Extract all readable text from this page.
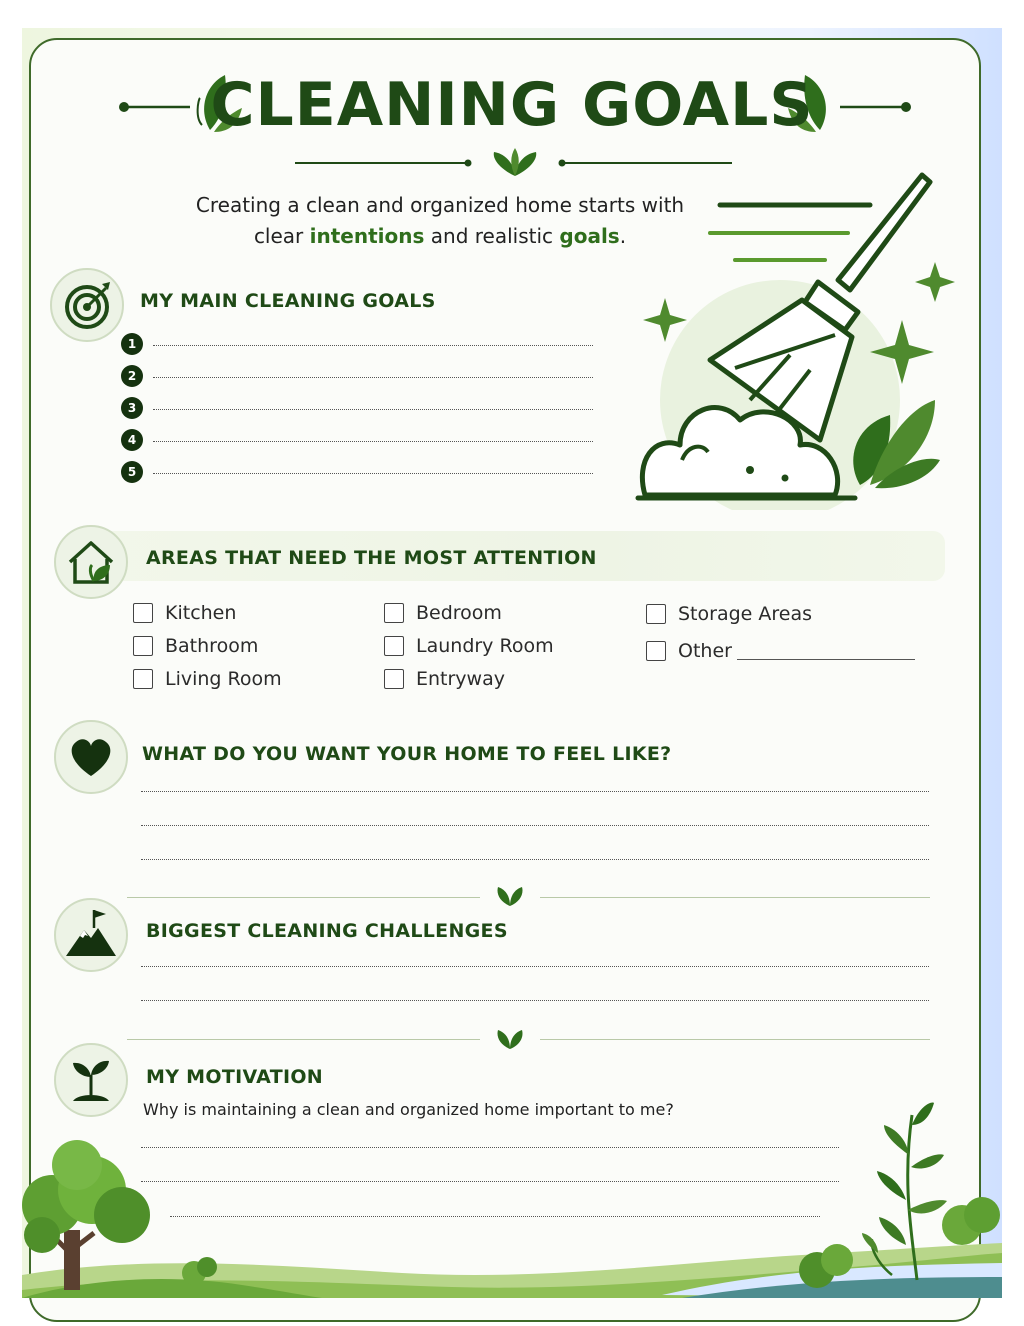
CLEANING GOALS
Creating a clean and organized home starts with
clear intentions and realistic goals.
MY MAIN CLEANING GOALS
1
2
3
4
5
AREAS THAT NEED THE MOST ATTENTION
Kitchen
Bathroom
Living Room
Bedroom
Laundry Room
Entryway
Storage Areas
Other
WHAT DO YOU WANT YOUR HOME TO FEEL LIKE?
BIGGEST CLEANING CHALLENGES
MY MOTIVATION
Why is maintaining a clean and organized home important to me?
